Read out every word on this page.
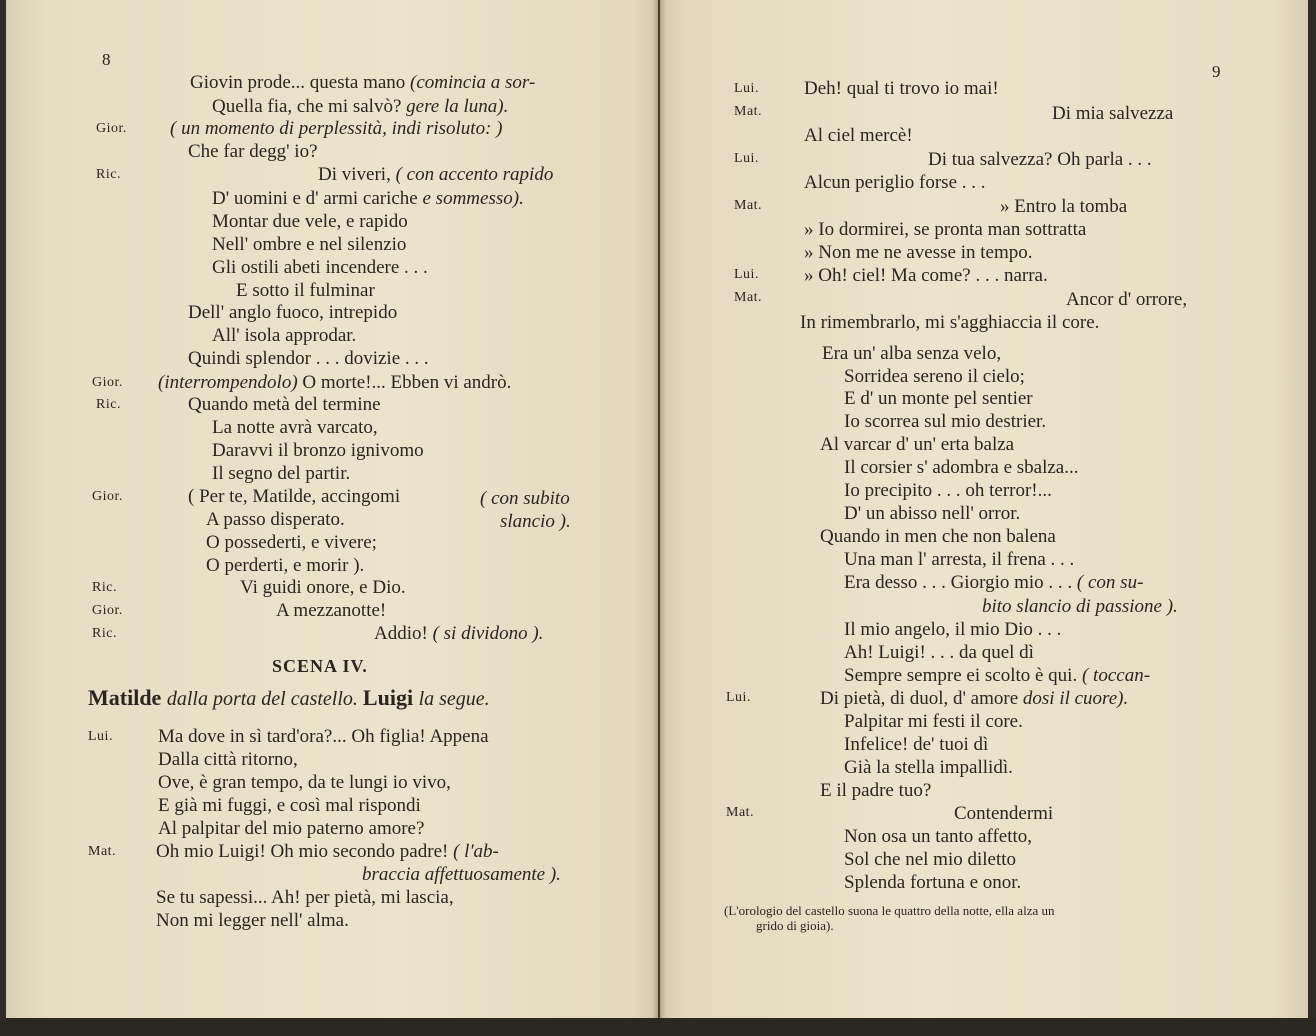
8
Giovin prode... questa mano (comincia a sor-
Quella fia, che mi salvò? gere la luna).
Gior. ( un momento di perplessità, indi risoluto: )
Che far degg' io?
Ric.	Di viveri, ( con accento rapido
D' uomini e d' armi cariche e sommesso).
Montar due vele, e rapido
Nell' ombre e nel silenzio
Gli ostili abeti incendere . . .
E sotto il fulminar
Dell' anglo fuoco, intrepido
All' isola approdar.
Quindi splendor . . . dovizie . . .
Gior. (interrompendolo) O morte!... Ebben vi andrò.
Ric.	Quando metà del termine
La notte avrà varcato,
Daravvi il bronzo ignivomo
Il segno del partir.
Gior.	( Per te, Matilde, accingomi	( con subito
A passo disperato.	slancio ).
O possederti, e vivere;
O perderti, e morir ).
Ric.	Vi guidi onore, e Dio.
Gior.	A mezzanotte!
Ric.	Addio! ( si dividono ).
SCENA IV.
Matilde dalla porta del castello. Luigi la segue.
Lui. Ma dove in sì tard'ora?... Oh figlia! Appena
Dalla città ritorno,
Ove, è gran tempo, da te lungi io vivo,
E già mi fuggi, e così mal rispondi
Al palpitar del mio paterno amore?
Mat. Oh mio Luigi! Oh mio secondo padre! ( l'ab-
braccia affettuosamente ).
Se tu sapessi... Ah! per pietà, mi lascia,
Non mi legger nell' alma.
9
Lui. Deh! qual ti trovo io mai!
Mat.	Di mia salvezza
Al ciel mercè!
Lui.	Di tua salvezza? Oh parla . . .
Alcun periglio forse . . .
Mat.	» Entro la tomba
» Io dormirei, se pronta man sottratta
» Non me ne avesse in tempo.
Lui. » Oh! ciel! Ma come? . . . narra.
Mat.	Ancor d' orrore,
In rimembrarlo, mi s'agghiaccia il core.
Era un' alba senza velo,
Sorridea sereno il cielo;
E d' un monte pel sentier
Io scorrea sul mio destrier.
Al varcar d' un' erta balza
Il corsier s' adombra e sbalza...
Io precipito . . . oh terror!...
D' un abisso nell' orror.
Quando in men che non balena
Una man l' arresta, il frena . . .
Era desso . . . Giorgio mio . . . ( con su-
bito slancio di passione ).
Il mio angelo, il mio Dio . . .
Ah! Luigi! . . . da quel dì
Sempre sempre ei scolto è qui. ( toccan-
Lui.	Di pietà, di duol, d' amore dosi il cuore).
Palpitar mi festi il core.
Infelice! de' tuoi dì
Già la stella impallidì.
E il padre tuo?
Mat.	Contendermi
Non osa un tanto affetto,
Sol che nel mio diletto
Splenda fortuna e onor.
(L'orologio del castello suona le quattro della notte, ella alza un
grido di gioia).
